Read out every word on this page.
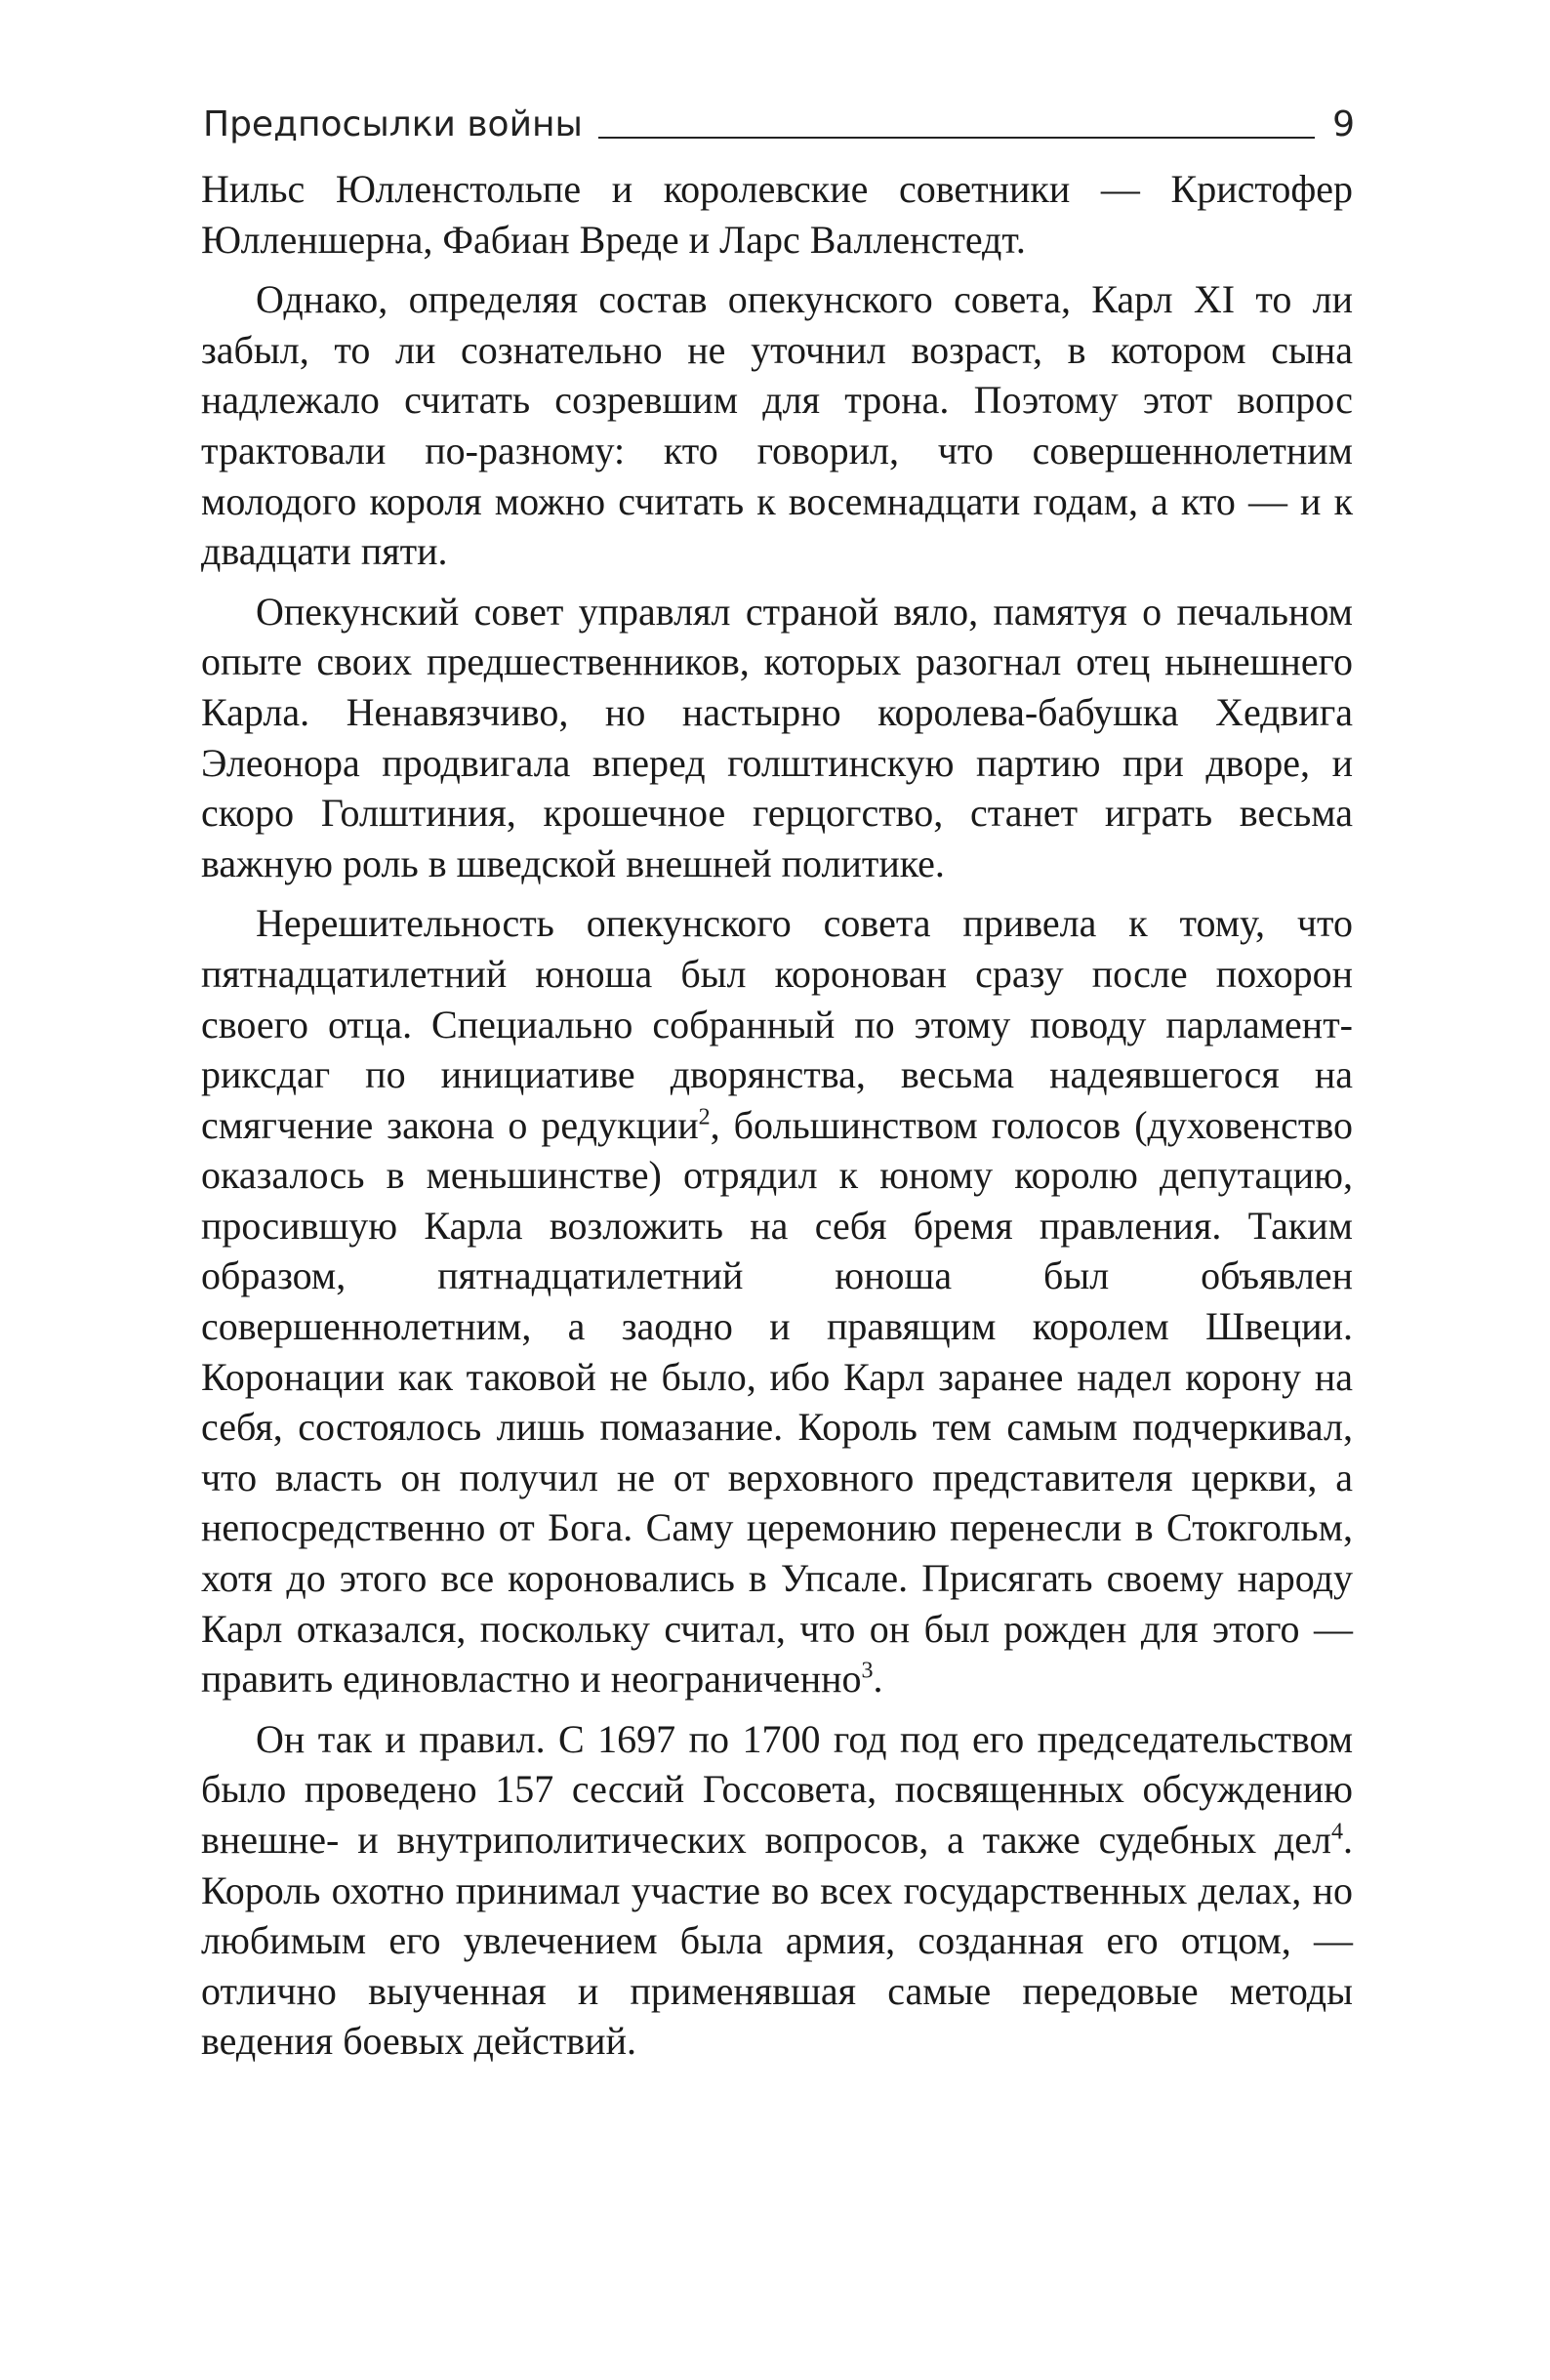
Предпосылки войны	9

Нильс Юлленстольпе и королевские советники — Кристофер Юлленшерна, Фабиан Вреде и Ларс Валленстедт.

Однако, определяя состав опекунского совета, Карл XI то ли забыл, то ли сознательно не уточнил возраст, в котором сына надлежало считать созревшим для трона. Поэтому этот вопрос трактовали по-разному: кто говорил, что совершеннолетним молодого короля можно считать к восемнадцати годам, а кто — и к двадцати пяти.

Опекунский совет управлял страной вяло, памятуя о печальном опыте своих предшественников, которых разогнал отец нынешнего Карла. Ненавязчиво, но настырно королева-бабушка Хедвига Элеонора продвигала вперед голштинскую партию при дворе, и скоро Голштиния, крошечное герцогство, станет играть весьма важную роль в шведской внешней политике.

Нерешительность опекунского совета привела к тому, что пятнадцатилетний юноша был коронован сразу после похорон своего отца. Специально собранный по этому поводу парламент-риксдаг по инициативе дворянства, весьма надеявшегося на смягчение закона о редукции$^2$, большинством голосов (духовенство оказалось в меньшинстве) отрядил к юному королю депутацию, просившую Карла возложить на себя бремя правления. Таким образом, пятнадцатилетний юноша был объявлен совершеннолетним, а заодно и правящим королем Швеции. Коронации как таковой не было, ибо Карл заранее надел корону на себя, состоялось лишь помазание. Король тем самым подчеркивал, что власть он получил не от верховного представителя церкви, а непосредственно от Бога. Саму церемонию перенесли в Стокгольм, хотя до этого все короновались в Упсале. Присягать своему народу Карл отказался, поскольку считал, что он был рожден для этого — править единовластно и неограниченно$^3$.

Он так и правил. С 1697 по 1700 год под его председательством было проведено 157 сессий Госсовета, посвященных обсуждению внешне- и внутриполитических вопросов, а также судебных дел$^4$. Король охотно принимал участие во всех государственных делах, но любимым его увлечением была армия, созданная его отцом, — отлично выученная и применявшая самые передовые методы ведения боевых действий.
